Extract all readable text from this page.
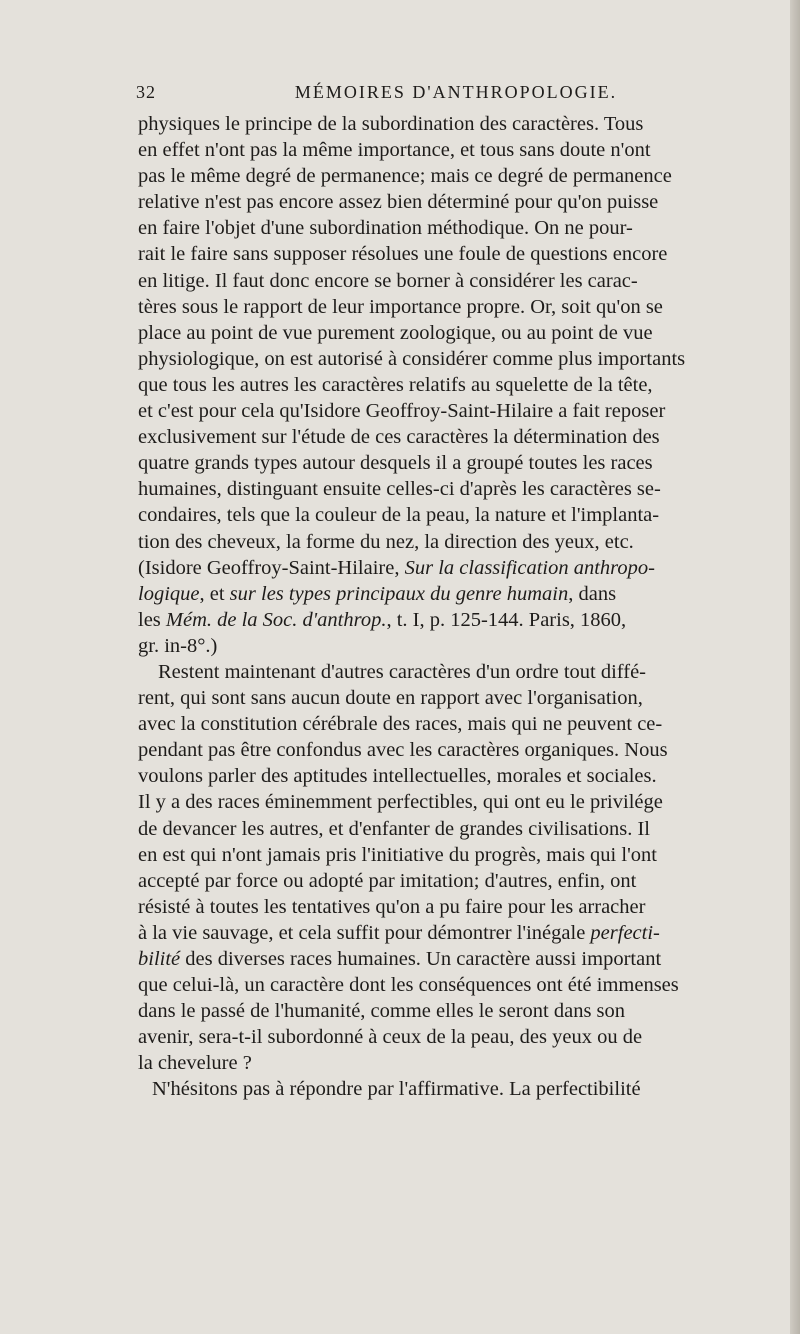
32	MÉMOIRES D'ANTHROPOLOGIE.
physiques le principe de la subordination des caractères. Tous
en effet n'ont pas la même importance, et tous sans doute n'ont
pas le même degré de permanence; mais ce degré de permanence
relative n'est pas encore assez bien déterminé pour qu'on puisse
en faire l'objet d'une subordination méthodique. On ne pour-
rait le faire sans supposer résolues une foule de questions encore
en litige. Il faut donc encore se borner à considérer les carac-
tères sous le rapport de leur importance propre. Or, soit qu'on se
place au point de vue purement zoologique, ou au point de vue
physiologique, on est autorisé à considérer comme plus importants
que tous les autres les caractères relatifs au squelette de la tête,
et c'est pour cela qu'Isidore Geoffroy-Saint-Hilaire a fait reposer
exclusivement sur l'étude de ces caractères la détermination des
quatre grands types autour desquels il a groupé toutes les races
humaines, distinguant ensuite celles-ci d'après les caractères se-
condaires, tels que la couleur de la peau, la nature et l'implanta-
tion des cheveux, la forme du nez, la direction des yeux, etc.
(Isidore Geoffroy-Saint-Hilaire, Sur la classification anthropo-
logique , et sur les types principaux du genre humain , dans
les Mém. de la Soc. d'anthrop. , t. I, p. 125-144. Paris, 1860,
gr. in-8°.)
Restent maintenant d'autres caractères d'un ordre tout diffé-
rent, qui sont sans aucun doute en rapport avec l'organisation,
avec la constitution cérébrale des races, mais qui ne peuvent ce-
pendant pas être confondus avec les caractères organiques. Nous
voulons parler des aptitudes intellectuelles, morales et sociales.
Il y a des races éminemment perfectibles, qui ont eu le privilége
de devancer les autres, et d'enfanter de grandes civilisations. Il
en est qui n'ont jamais pris l'initiative du progrès, mais qui l'ont
accepté par force ou adopté par imitation; d'autres, enfin, ont
résisté à toutes les tentatives qu'on a pu faire pour les arracher
à la vie sauvage, et cela suffit pour démontrer l'inégale perfecti-
bilité des diverses races humaines. Un caractère aussi important
que celui-là, un caractère dont les conséquences ont été immenses
dans le passé de l'humanité, comme elles le seront dans son
avenir, sera-t-il subordonné à ceux de la peau, des yeux ou de
la chevelure ?
N'hésitons pas à répondre par l'affirmative. La perfectibilité
